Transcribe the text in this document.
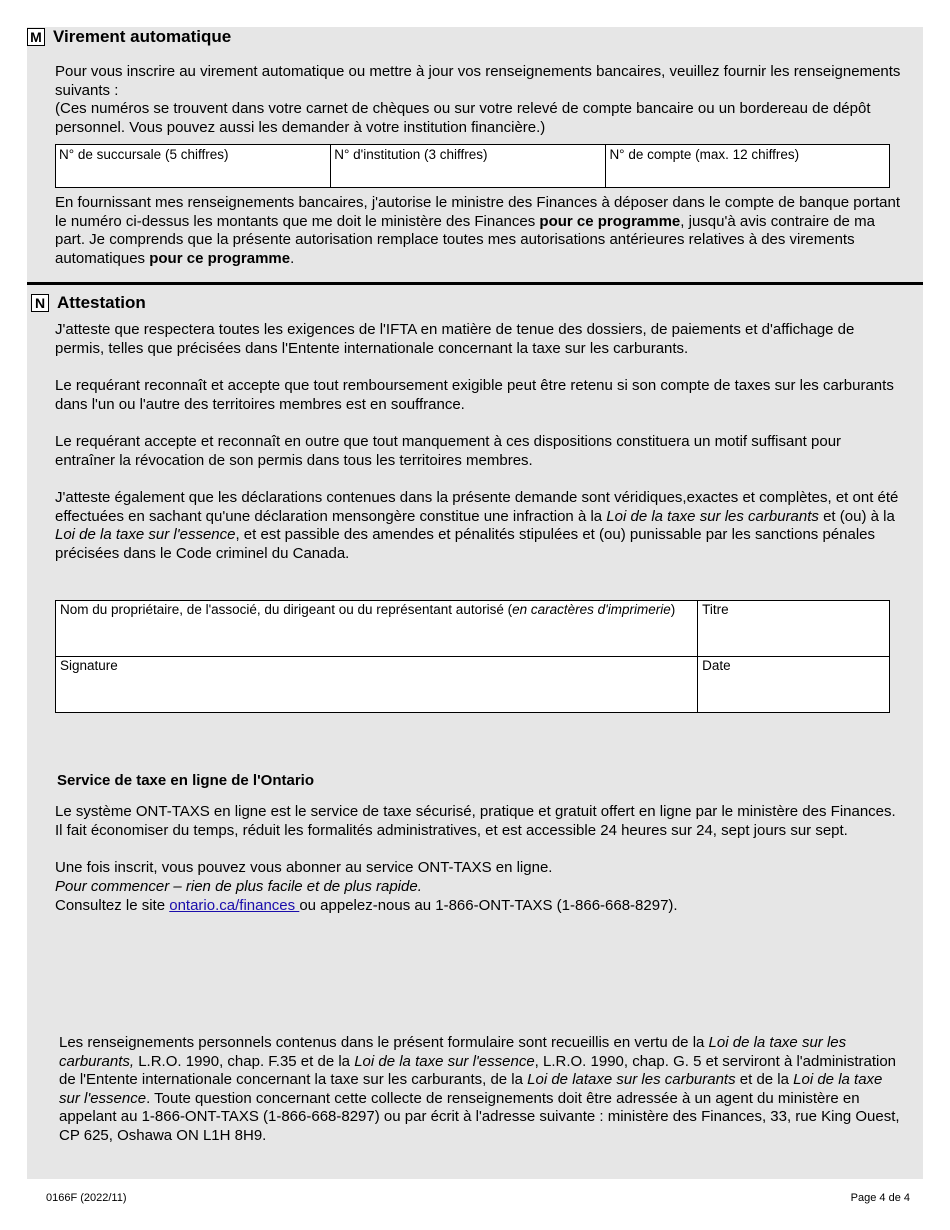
M Virement automatique

Pour vous inscrire au virement automatique ou mettre à jour vos renseignements bancaires, veuillez fournir les renseignements suivants :

(Ces numéros se trouvent dans votre carnet de chèques ou sur votre relevé de compte bancaire ou un bordereau de dépôt personnel. Vous pouvez aussi les demander à votre institution financière.)

N° de succursale (5 chiffres)	N° d'institution (3 chiffres)	N° de compte (max. 12 chiffres)

En fournissant mes renseignements bancaires, j'autorise le ministre des Finances à déposer dans le compte de banque portant le numéro ci-dessus les montants que me doit le ministère des Finances pour ce programme, jusqu'à avis contraire de ma part. Je comprends que la présente autorisation remplace toutes mes autorisations antérieures relatives à des virements automatiques pour ce programme.

N Attestation

J'atteste que respectera toutes les exigences de l'IFTA en matière de tenue des dossiers, de paiements et d'affichage de permis, telles que précisées dans l'Entente internationale concernant la taxe sur les carburants.

Le requérant reconnaît et accepte que tout remboursement exigible peut être retenu si son compte de taxes sur les carburants dans l'un ou l'autre des territoires membres est en souffrance.

Le requérant accepte et reconnaît en outre que tout manquement à ces dispositions constituera un motif suffisant pour entraîner la révocation de son permis dans tous les territoires membres.

J'atteste également que les déclarations contenues dans la présente demande sont véridiques,exactes et complètes, et ont été effectuées en sachant qu'une déclaration mensongère constitue une infraction à la Loi de la taxe sur les carburants et (ou) à la Loi de la taxe sur l'essence, et est passible des amendes et pénalités stipulées et (ou) punissable par les sanctions pénales précisées dans le Code criminel du Canada.

Nom du propriétaire, de l'associé, du dirigeant ou du représentant autorisé (en caractères d'imprimerie)	Titre
Signature	Date
Service de taxe en ligne de l'Ontario

Le système ONT-TAXS en ligne est le service de taxe sécurisé, pratique et gratuit offert en ligne par le ministère des Finances. Il fait économiser du temps, réduit les formalités administratives, et est accessible 24 heures sur 24, sept jours sur sept.

Une fois inscrit, vous pouvez vous abonner au service ONT-TAXS en ligne.

Pour commencer – rien de plus facile et de plus rapide.

Consultez le site ontario.ca/finances ou appelez-nous au 1-866-ONT-TAXS (1-866-668-8297).

Les renseignements personnels contenus dans le présent formulaire sont recueillis en vertu de la Loi de la taxe sur les carburants, L.R.O. 1990, chap. F.35 et de la Loi de la taxe sur l'essence, L.R.O. 1990, chap. G. 5 et serviront à l'administration de l'Entente internationale concernant la taxe sur les carburants, de la Loi de lataxe sur les carburants et de la Loi de la taxe sur l'essence. Toute question concernant cette collecte de renseignements doit être adressée à un agent du ministère en appelant au 1-866-ONT-TAXS (1-866-668-8297) ou par écrit à l'adresse suivante : ministère des Finances, 33, rue King Ouest, CP 625, Oshawa ON L1H 8H9.

0166F (2022/11)	Page 4 de 4
